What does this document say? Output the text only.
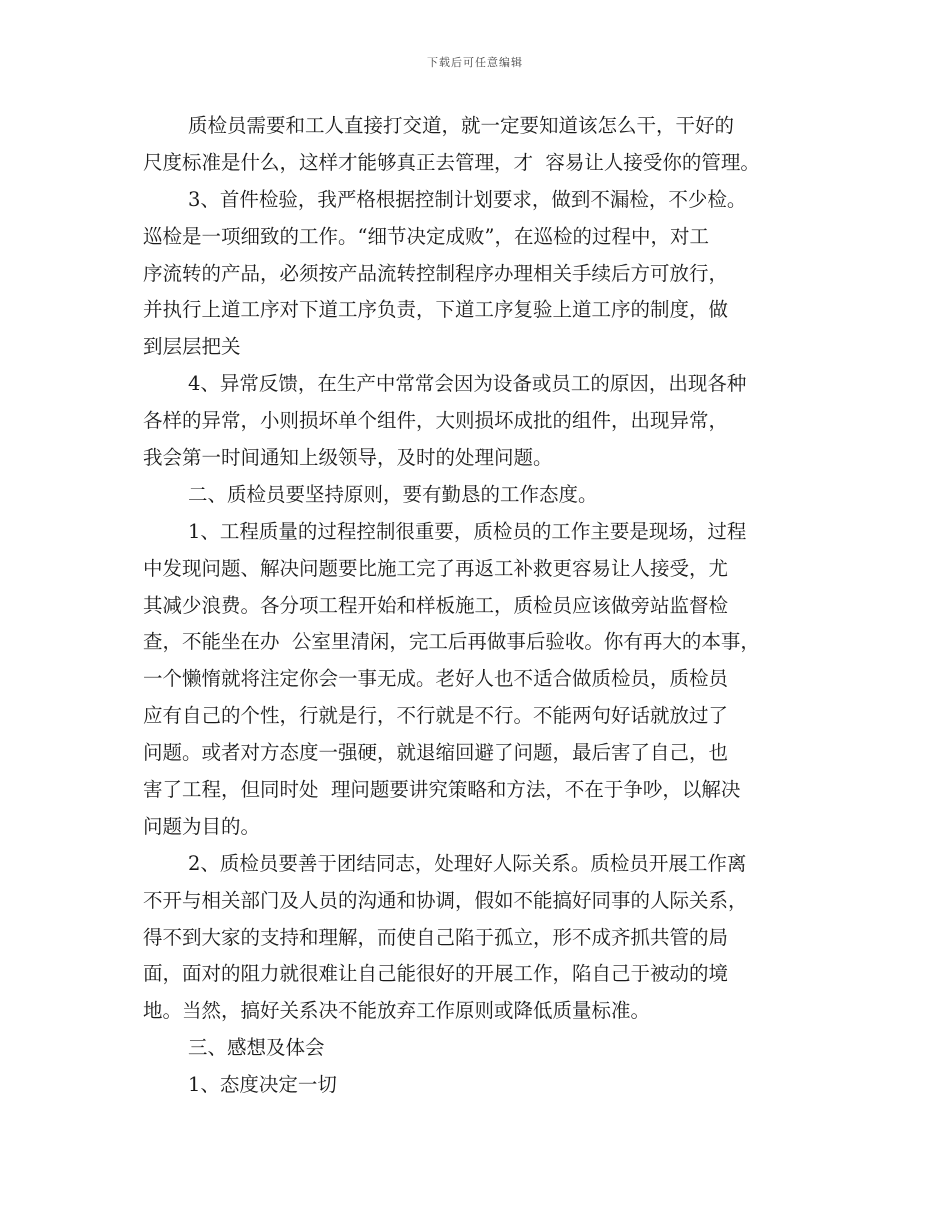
下载后可任意编辑
质检员需要和工人直接打交道，就一定要知道该怎么干，干好的
尺度标准是什么，这样才能够真正去管理，才  容易让人接受你的管理。
3、首件检验，我严格根据控制计划要求，做到不漏检，不少检。
巡检是一项细致的工作。“细节决定成败”，在巡检的过程中，对工
序流转的产品，必须按产品流转控制程序办理相关手续后方可放行，
并执行上道工序对下道工序负责，下道工序复验上道工序的制度，做
到层层把关
4、异常反馈，在生产中常常会因为设备或员工的原因，出现各种
各样的异常，小则损坏单个组件，大则损坏成批的组件，出现异常，
我会第一时间通知上级领导，及时的处理问题。
二、质检员要坚持原则，要有勤恳的工作态度。
1、工程质量的过程控制很重要，质检员的工作主要是现场，过程
中发现问题、解决问题要比施工完了再返工补救更容易让人接受，尤
其减少浪费。各分项工程开始和样板施工，质检员应该做旁站监督检
查，不能坐在办  公室里清闲，完工后再做事后验收。你有再大的本事，
一个懒惰就将注定你会一事无成。老好人也不适合做质检员，质检员
应有自己的个性，行就是行，不行就是不行。不能两句好话就放过了
问题。或者对方态度一强硬，就退缩回避了问题，最后害了自己，也
害了工程，但同时处  理问题要讲究策略和方法，不在于争吵，以解决
问题为目的。
2、质检员要善于团结同志，处理好人际关系。质检员开展工作离
不开与相关部门及人员的沟通和协调，假如不能搞好同事的人际关系，
得不到大家的支持和理解，而使自己陷于孤立，形不成齐抓共管的局
面，面对的阻力就很难让自己能很好的开展工作，陷自己于被动的境
地。当然，搞好关系决不能放弃工作原则或降低质量标准。
三、感想及体会
1、态度决定一切
